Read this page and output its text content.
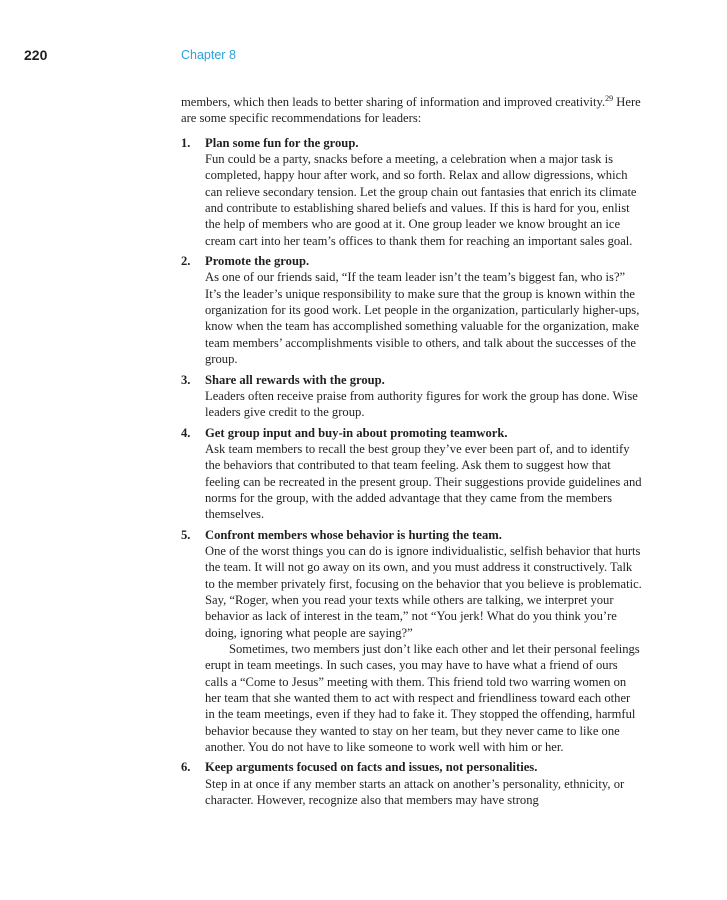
220	Chapter 8

members, which then leads to better sharing of information and improved creativity.$^{29}$ Here are some specific recommendations for leaders:

1. Plan some fun for the group.

Fun could be a party, snacks before a meeting, a celebration when a major task is completed, happy hour after work, and so forth. Relax and allow digressions, which can relieve secondary tension. Let the group chain out fantasies that enrich its climate and contribute to establishing shared beliefs and values. If this is hard for you, enlist the help of members who are good at it. One group leader we know brought an ice cream cart into her team’s offices to thank them for reaching an important sales goal.

2. Promote the group.

As one of our friends said, “If the team leader isn’t the team’s biggest fan, who is?” It’s the leader’s unique responsibility to make sure that the group is known within the organization for its good work. Let people in the organization, particularly higher-ups, know when the team has accomplished something valuable for the organization, make team members’ accomplishments visible to others, and talk about the successes of the group.

3. Share all rewards with the group.

Leaders often receive praise from authority figures for work the group has done. Wise leaders give credit to the group.

4. Get group input and buy-in about promoting teamwork.

Ask team members to recall the best group they’ve ever been part of, and to identify the behaviors that contributed to that team feeling. Ask them to suggest how that feeling can be recreated in the present group. Their suggestions provide guidelines and norms for the group, with the added advantage that they came from the members themselves.

5. Confront members whose behavior is hurting the team.

One of the worst things you can do is ignore individualistic, selfish behavior that hurts the team. It will not go away on its own, and you must address it constructively. Talk to the member privately first, focusing on the behavior that you believe is problematic. Say, “Roger, when you read your texts while others are talking, we interpret your behavior as lack of interest in the team,” not “You jerk! What do you think you’re doing, ignoring what people are saying?”

Sometimes, two members just don’t like each other and let their personal feelings erupt in team meetings. In such cases, you may have to have what a friend of ours calls a “Come to Jesus” meeting with them. This friend told two warring women on her team that she wanted them to act with respect and friendliness toward each other in the team meetings, even if they had to fake it. They stopped the offending, harmful behavior because they wanted to stay on her team, but they never came to like one another. You do not have to like someone to work well with him or her.

6. Keep arguments focused on facts and issues, not personalities.

Step in at once if any member starts an attack on another’s personality, ethnicity, or character. However, recognize also that members may have strong
